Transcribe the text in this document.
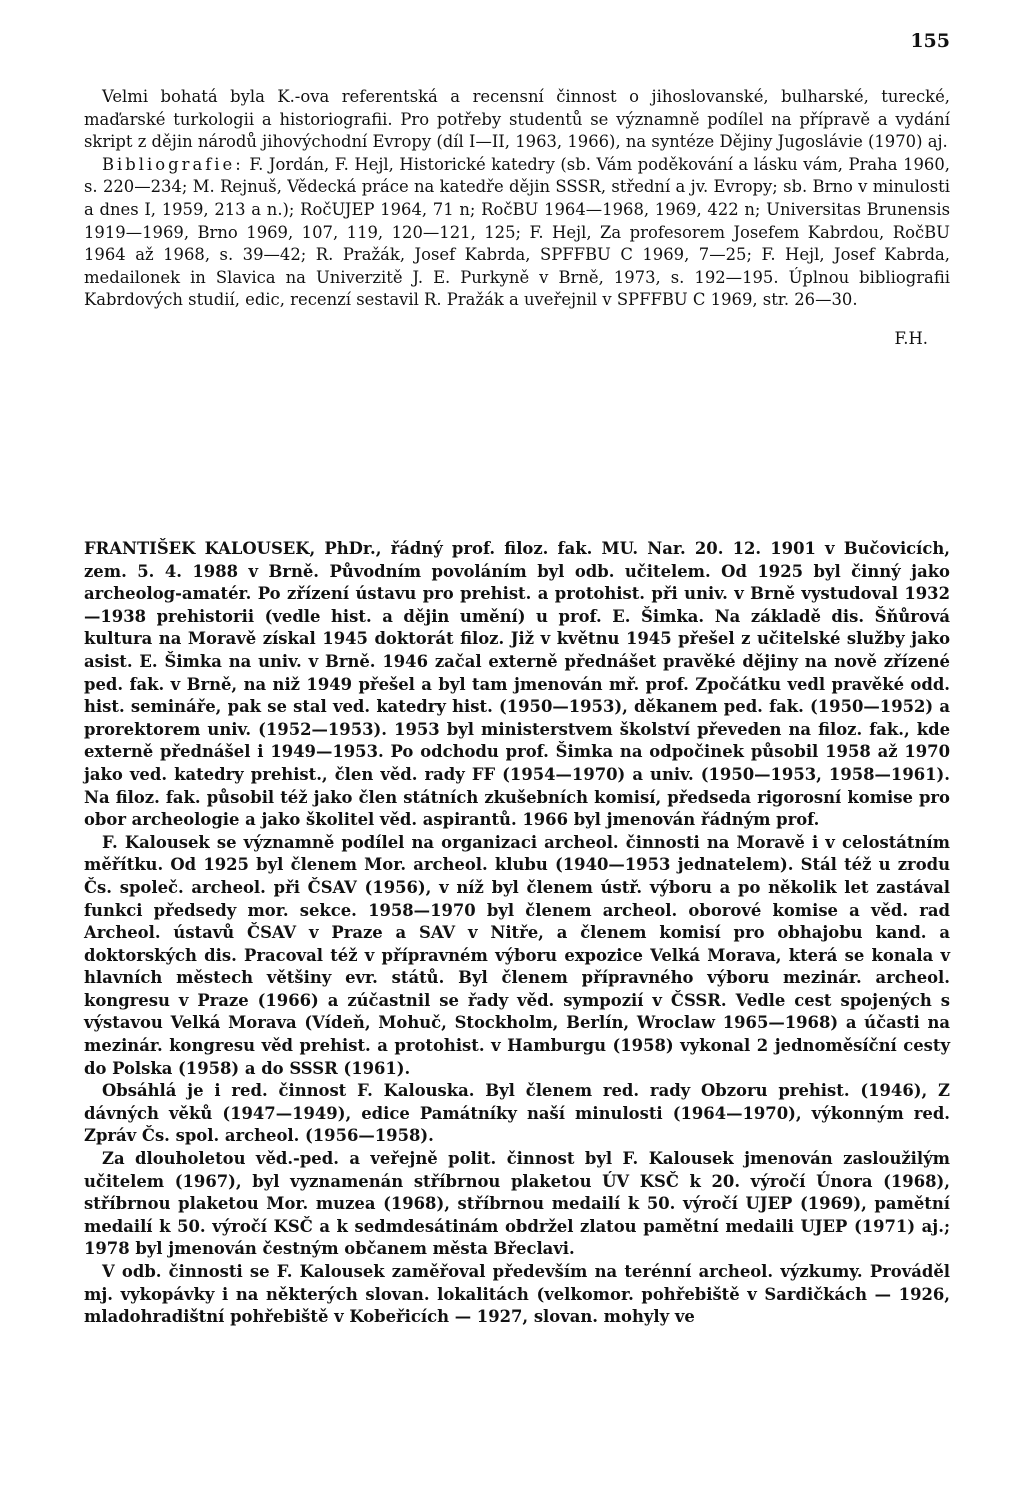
155

Velmi bohatá byla K.-ova referentská a recensní činnost o jihoslovanské, bulharské, turecké, maďarské turkologii a historiografii. Pro potřeby studentů se významně podílel na přípravě a vydání skript z dějin národů jihovýchodní Evropy (díl I—II, 1963, 1966), na syntéze Dějiny Jugoslávie (1970) aj.

Bibliografie: F. Jordán, F. Hejl, Historické katedry (sb. Vám poděkování a lásku vám, Praha 1960, s. 220—234; M. Rejnuš, Vědecká práce na katedře dějin SSSR, střední a jv. Evropy; sb. Brno v minulosti a dnes I, 1959, 213 a n.); RočUJEP 1964, 71 n; RočBU 1964—1968, 1969, 422 n; Universitas Brunensis 1919—1969, Brno 1969, 107, 119, 120—121, 125; F. Hejl, Za profesorem Josefem Kabrdou, RočBU 1964 až 1968, s. 39—42; R. Pražák, Josef Kabrda, SPFFBU C 1969, 7—25; F. Hejl, Josef Kabrda, medailonek in Slavica na Univerzitě J. E. Purkyně v Brně, 1973, s. 192—195. Úplnou bibliografii Kabrdových studií, edic, recenzí sestavil R. Pražák a uveřejnil v SPFFBU C 1969, str. 26—30.

F.H.

FRANTIŠEK KALOUSEK, PhDr., řádný prof. filoz. fak. MU. Nar. 20. 12. 1901 v Bučovicích, zem. 5. 4. 1988 v Brně. Původním povoláním byl odb. učitelem. Od 1925 byl činný jako archeolog-amatér. Po zřízení ústavu pro prehist. a protohist. při univ. v Brně vystudoval 1932—1938 prehistorii (vedle hist. a dějin umění) u prof. E. Šimka. Na základě dis. Šňůrová kultura na Moravě získal 1945 doktorát filoz. Již v květnu 1945 přešel z učitelské služby jako asist. E. Šimka na univ. v Brně. 1946 začal externě přednášet pravěké dějiny na nově zřízené ped. fak. v Brně, na niž 1949 přešel a byl tam jmenován mř. prof. Zpočátku vedl pravěké odd. hist. semináře, pak se stal ved. katedry hist. (1950—1953), děkanem ped. fak. (1950—1952) a prorektorem univ. (1952—1953). 1953 byl ministerstvem školství převeden na filoz. fak., kde externě přednášel i 1949—1953. Po odchodu prof. Šimka na odpočinek působil 1958 až 1970 jako ved. katedry prehist., člen věd. rady FF (1954—1970) a univ. (1950—1953, 1958—1961). Na filoz. fak. působil též jako člen státních zkušebních komisí, předseda rigorosní komise pro obor archeologie a jako školitel věd. aspirantů. 1966 byl jmenován řádným prof.

F. Kalousek se významně podílel na organizaci archeol. činnosti na Moravě i v celostátním měřítku. Od 1925 byl členem Mor. archeol. klubu (1940—1953 jednatelem). Stál též u zrodu Čs. společ. archeol. při ČSAV (1956), v níž byl členem ústř. výboru a po několik let zastával funkci předsedy mor. sekce. 1958—1970 byl členem archeol. oborové komise a věd. rad Archeol. ústavů ČSAV v Praze a SAV v Nitře, a členem komisí pro obhajobu kand. a doktorských dis. Pracoval též v přípravném výboru expozice Velká Morava, která se konala v hlavních městech většiny evr. států. Byl členem přípravného výboru mezinár. archeol. kongresu v Praze (1966) a zúčastnil se řady věd. sympozií v ČSSR. Vedle cest spojených s výstavou Velká Morava (Vídeň, Mohuč, Stockholm, Berlín, Wroclaw 1965—1968) a účasti na mezinár. kongresu věd prehist. a protohist. v Hamburgu (1958) vykonal 2 jednoměsíční cesty do Polska (1958) a do SSSR (1961).

Obsáhlá je i red. činnost F. Kalouska. Byl členem red. rady Obzoru prehist. (1946), Z dávných věků (1947—1949), edice Památníky naší minulosti (1964—1970), výkonným red. Zpráv Čs. spol. archeol. (1956—1958).

Za dlouholetou věd.-ped. a veřejně polit. činnost byl F. Kalousek jmenován zasloužilým učitelem (1967), byl vyznamenán stříbrnou plaketou ÚV KSČ k 20. výročí Února (1968), stříbrnou plaketou Mor. muzea (1968), stříbrnou medailí k 50. výročí UJEP (1969), pamětní medailí k 50. výročí KSČ a k sedmdesátinám obdržel zlatou pamětní medaili UJEP (1971) aj.; 1978 byl jmenován čestným občanem města Břeclavi.

V odb. činnosti se F. Kalousek zaměřoval především na terénní archeol. výzkumy. Prováděl mj. vykopávky i na některých slovan. lokalitách (velkomor. pohřebiště v Sardičkách — 1926, mladohradištní pohřebiště v Kobeřicích — 1927, slovan. mohyly ve
